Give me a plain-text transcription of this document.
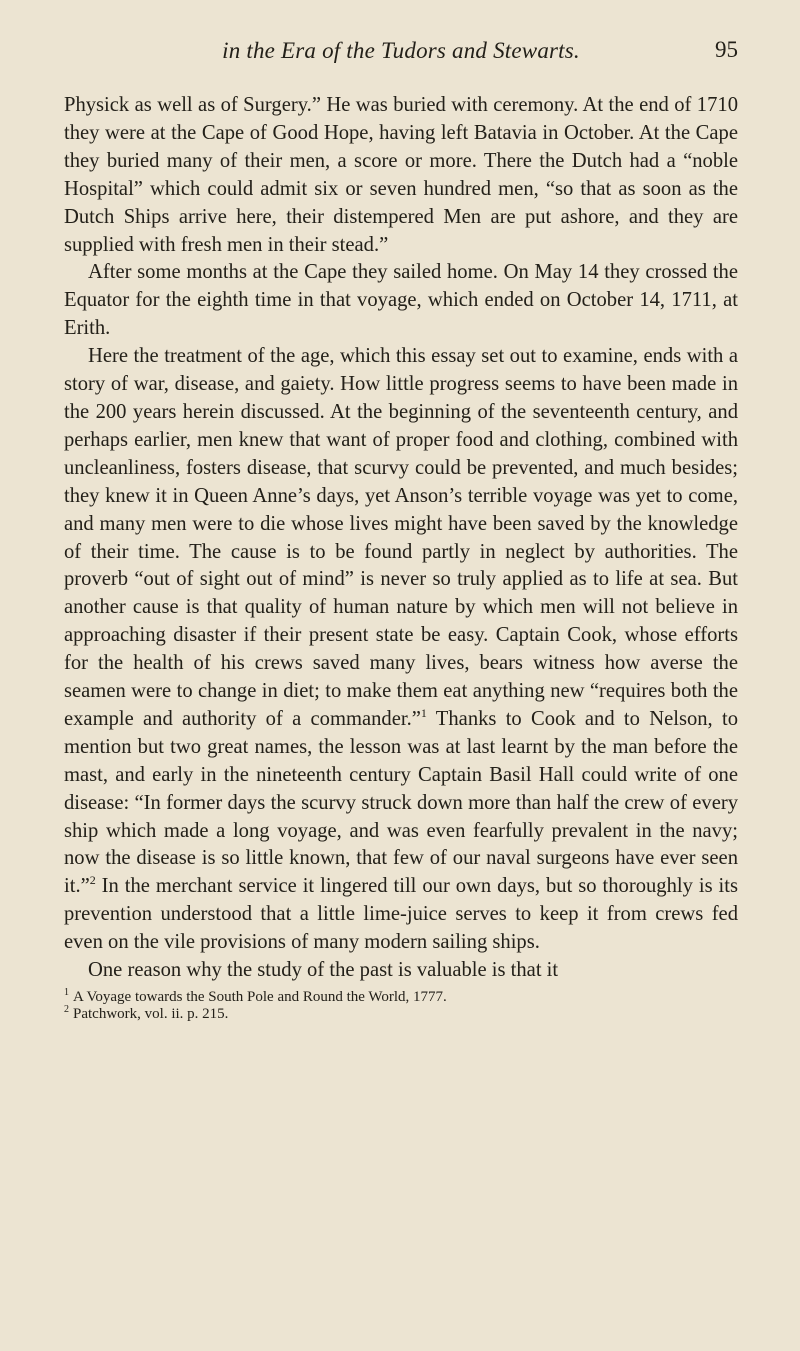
in the Era of the Tudors and Stewarts.	95

Physick as well as of Surgery.” He was buried with ceremony. At the end of 1710 they were at the Cape of Good Hope, having left Batavia in October. At the Cape they buried many of their men, a score or more. There the Dutch had a “noble Hospital” which could admit six or seven hundred men, “so that as soon as the Dutch Ships arrive here, their distempered Men are put ashore, and they are supplied with fresh men in their stead.”

After some months at the Cape they sailed home. On May 14 they crossed the Equator for the eighth time in that voyage, which ended on October 14, 1711, at Erith.

Here the treatment of the age, which this essay set out to examine, ends with a story of war, disease, and gaiety. How little progress seems to have been made in the 200 years herein discussed. At the beginning of the seventeenth century, and perhaps earlier, men knew that want of proper food and clothing, combined with uncleanliness, fosters disease, that scurvy could be prevented, and much besides; they knew it in Queen Anne’s days, yet Anson’s terrible voyage was yet to come, and many men were to die whose lives might have been saved by the knowledge of their time. The cause is to be found partly in neglect by authorities. The proverb “out of sight out of mind” is never so truly applied as to life at sea. But another cause is that quality of human nature by which men will not believe in approaching disaster if their present state be easy. Captain Cook, whose efforts for the health of his crews saved many lives, bears witness how averse the seamen were to change in diet; to make them eat anything new “requires both the example and authority of a commander.”$^1$ Thanks to Cook and to Nelson, to mention but two great names, the lesson was at last learnt by the man before the mast, and early in the nineteenth century Captain Basil Hall could write of one disease: “In former days the scurvy struck down more than half the crew of every ship which made a long voyage, and was even fearfully prevalent in the navy; now the disease is so little known, that few of our naval surgeons have ever seen it.”$^2$ In the merchant service it lingered till our own days, but so thoroughly is its prevention understood that a little lime-juice serves to keep it from crews fed even on the vile provisions of many modern sailing ships.

One reason why the study of the past is valuable is that it

$^1$ A Voyage towards the South Pole and Round the World, 1777.
$^2$ Patchwork, vol. ii. p. 215.
